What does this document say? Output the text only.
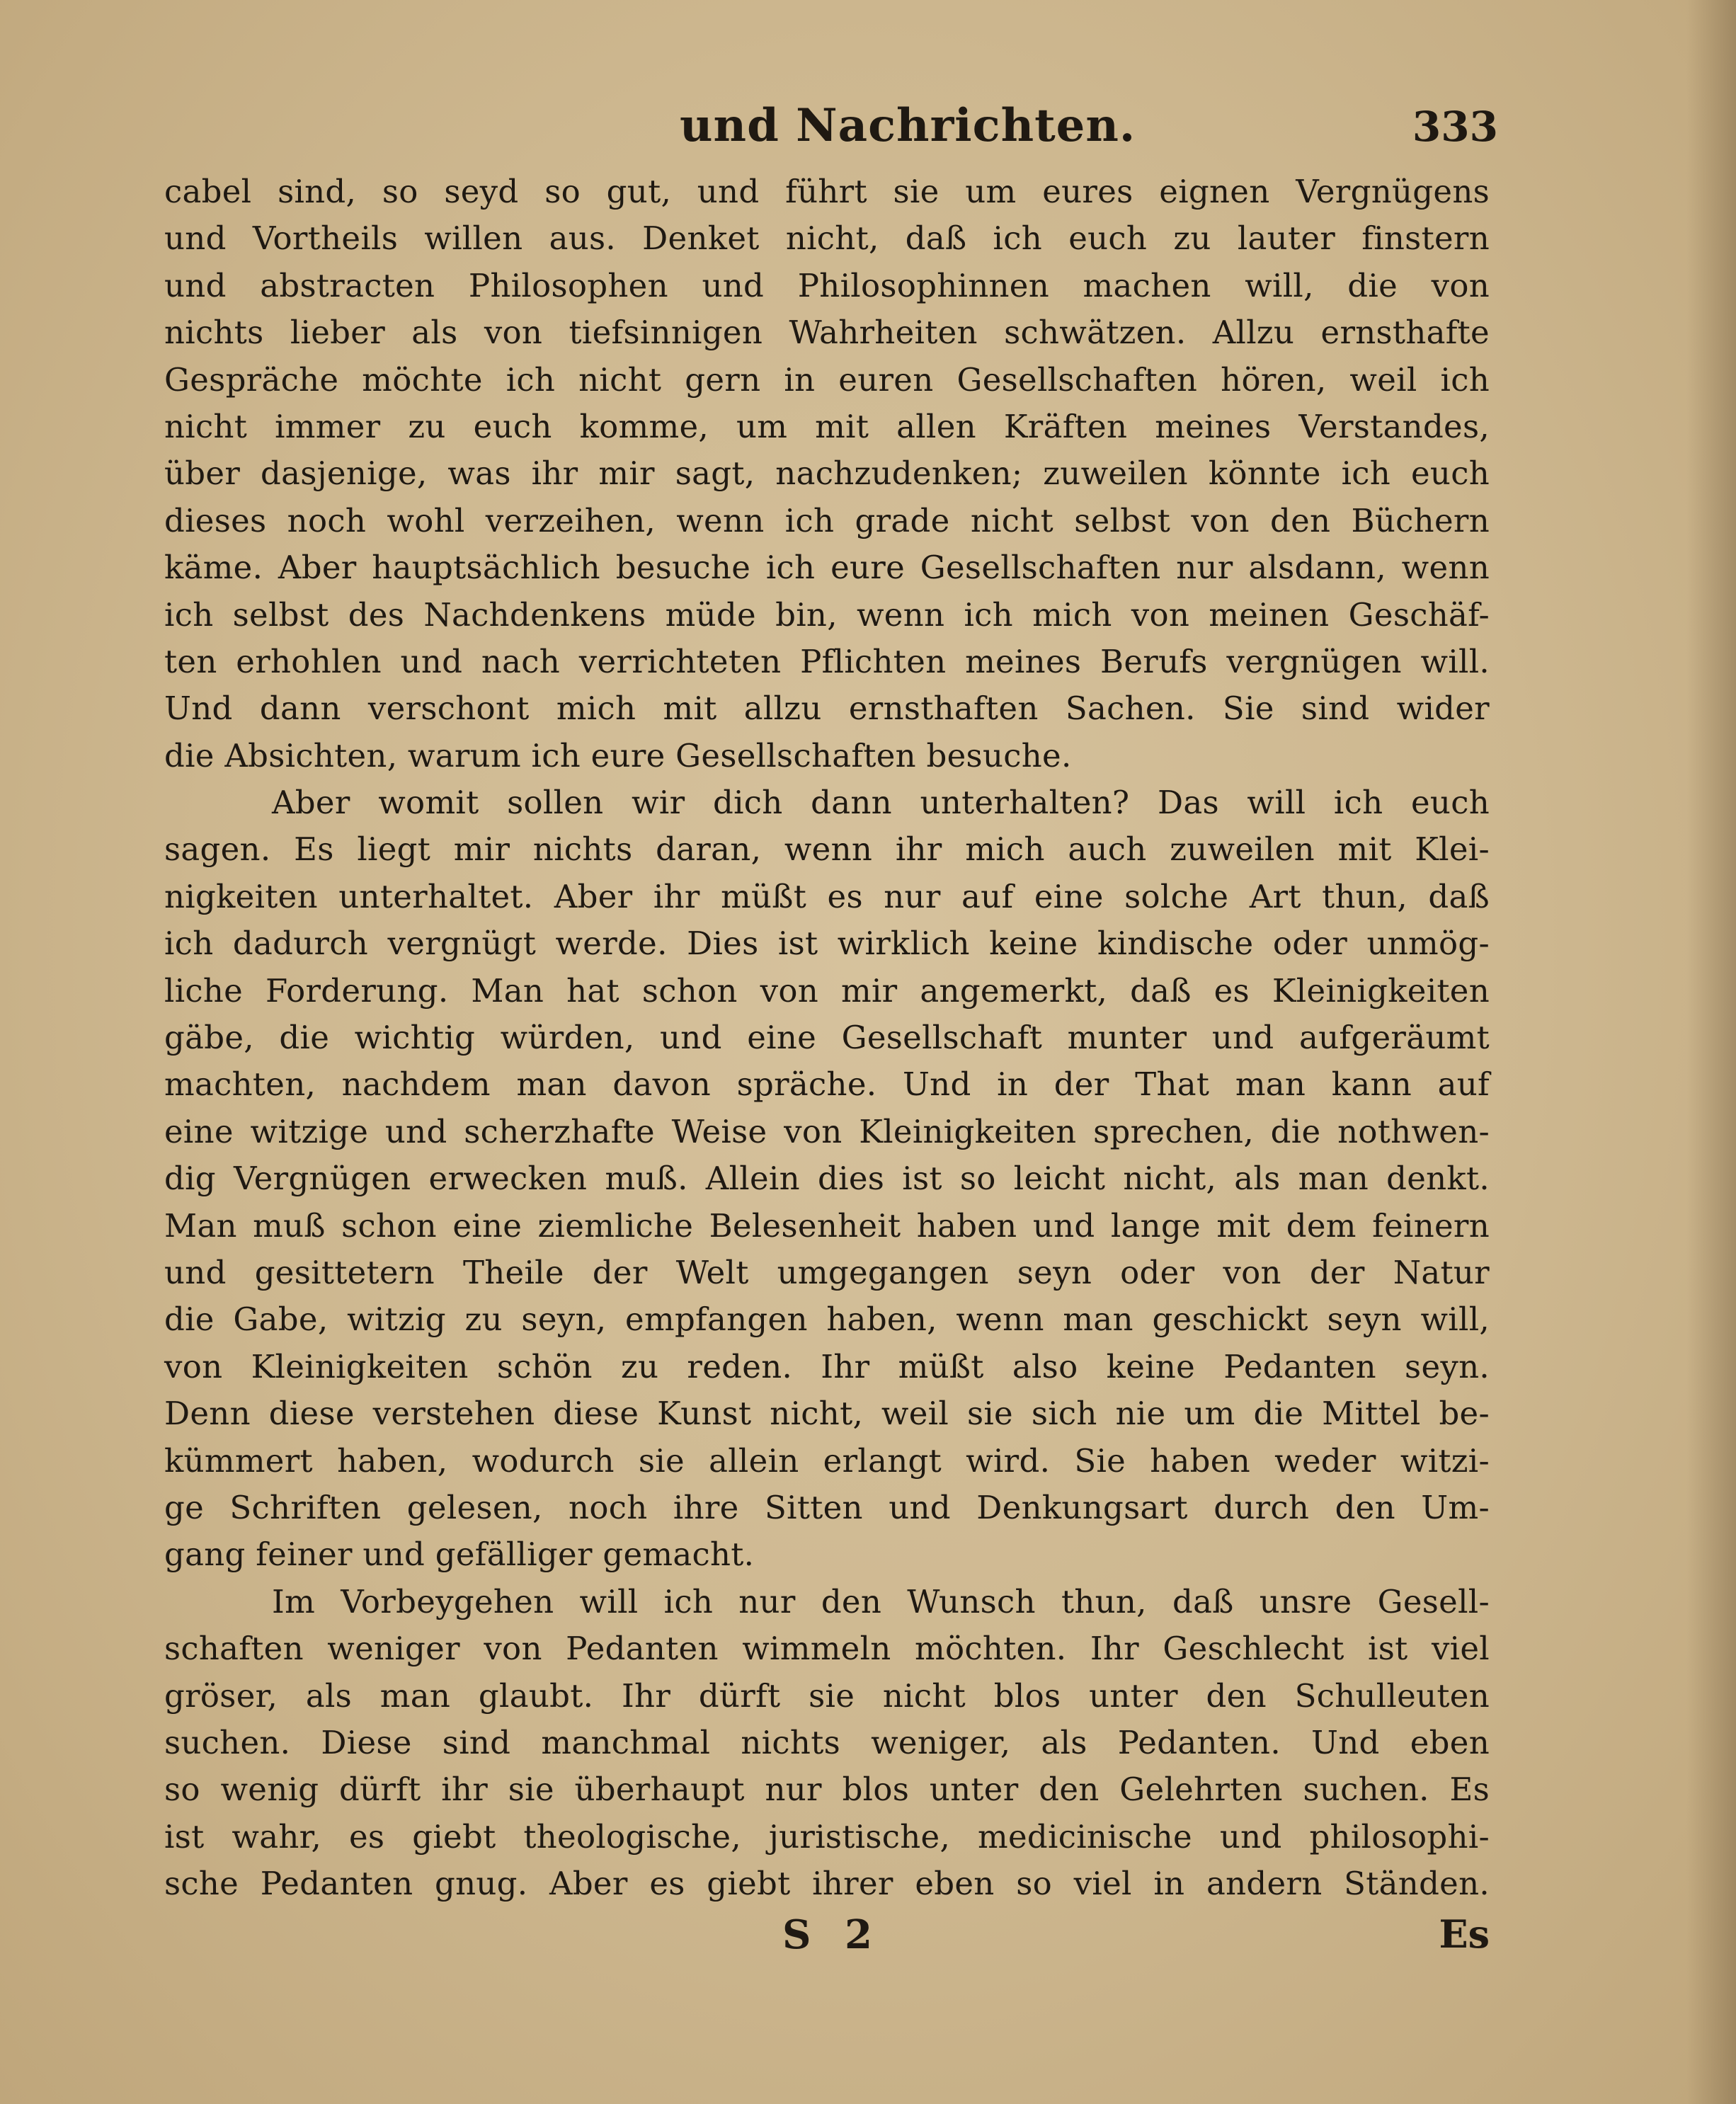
und Nachrichten.	333
cabel sind, so seyd so gut, und führt sie um eures eignen Vergnügens
und Vortheils willen aus. Denket nicht, daß ich euch zu lauter finstern
und abstracten Philosophen und Philosophinnen machen will, die von
nichts lieber als von tiefsinnigen Wahrheiten schwätzen. Allzu ernsthafte
Gespräche möchte ich nicht gern in euren Gesellschaften hören, weil ich
nicht immer zu euch komme, um mit allen Kräften meines Verstandes,
über dasjenige, was ihr mir sagt, nachzudenken; zuweilen könnte ich euch
dieses noch wohl verzeihen, wenn ich grade nicht selbst von den Büchern
käme. Aber hauptsächlich besuche ich eure Gesellschaften nur alsdann, wenn
ich selbst des Nachdenkens müde bin, wenn ich mich von meinen Geschäf-
ten erhohlen und nach verrichteten Pflichten meines Berufs vergnügen will.
Und dann verschont mich mit allzu ernsthaften Sachen. Sie sind wider
die Absichten, warum ich eure Gesellschaften besuche.
Aber womit sollen wir dich dann unterhalten? Das will ich euch
sagen. Es liegt mir nichts daran, wenn ihr mich auch zuweilen mit Klei-
nigkeiten unterhaltet. Aber ihr müßt es nur auf eine solche Art thun, daß
ich dadurch vergnügt werde. Dies ist wirklich keine kindische oder unmög-
liche Forderung. Man hat schon von mir angemerkt, daß es Kleinigkeiten
gäbe, die wichtig würden, und eine Gesellschaft munter und aufgeräumt
machten, nachdem man davon spräche. Und in der That man kann auf
eine witzige und scherzhafte Weise von Kleinigkeiten sprechen, die nothwen-
dig Vergnügen erwecken muß. Allein dies ist so leicht nicht, als man denkt.
Man muß schon eine ziemliche Belesenheit haben und lange mit dem feinern
und gesittetern Theile der Welt umgegangen seyn oder von der Natur
die Gabe, witzig zu seyn, empfangen haben, wenn man geschickt seyn will,
von Kleinigkeiten schön zu reden. Ihr müßt also keine Pedanten seyn.
Denn diese verstehen diese Kunst nicht, weil sie sich nie um die Mittel be-
kümmert haben, wodurch sie allein erlangt wird. Sie haben weder witzi-
ge Schriften gelesen, noch ihre Sitten und Denkungsart durch den Um-
gang feiner und gefälliger gemacht.
Im Vorbeygehen will ich nur den Wunsch thun, daß unsre Gesell-
schaften weniger von Pedanten wimmeln möchten. Ihr Geschlecht ist viel
gröser, als man glaubt. Ihr dürft sie nicht blos unter den Schulleuten
suchen. Diese sind manchmal nichts weniger, als Pedanten. Und eben
so wenig dürft ihr sie überhaupt nur blos unter den Gelehrten suchen. Es
ist wahr, es giebt theologische, juristische, medicinische und philosophi-
sche Pedanten gnug. Aber es giebt ihrer eben so viel in andern Ständen.
S 2	Es
